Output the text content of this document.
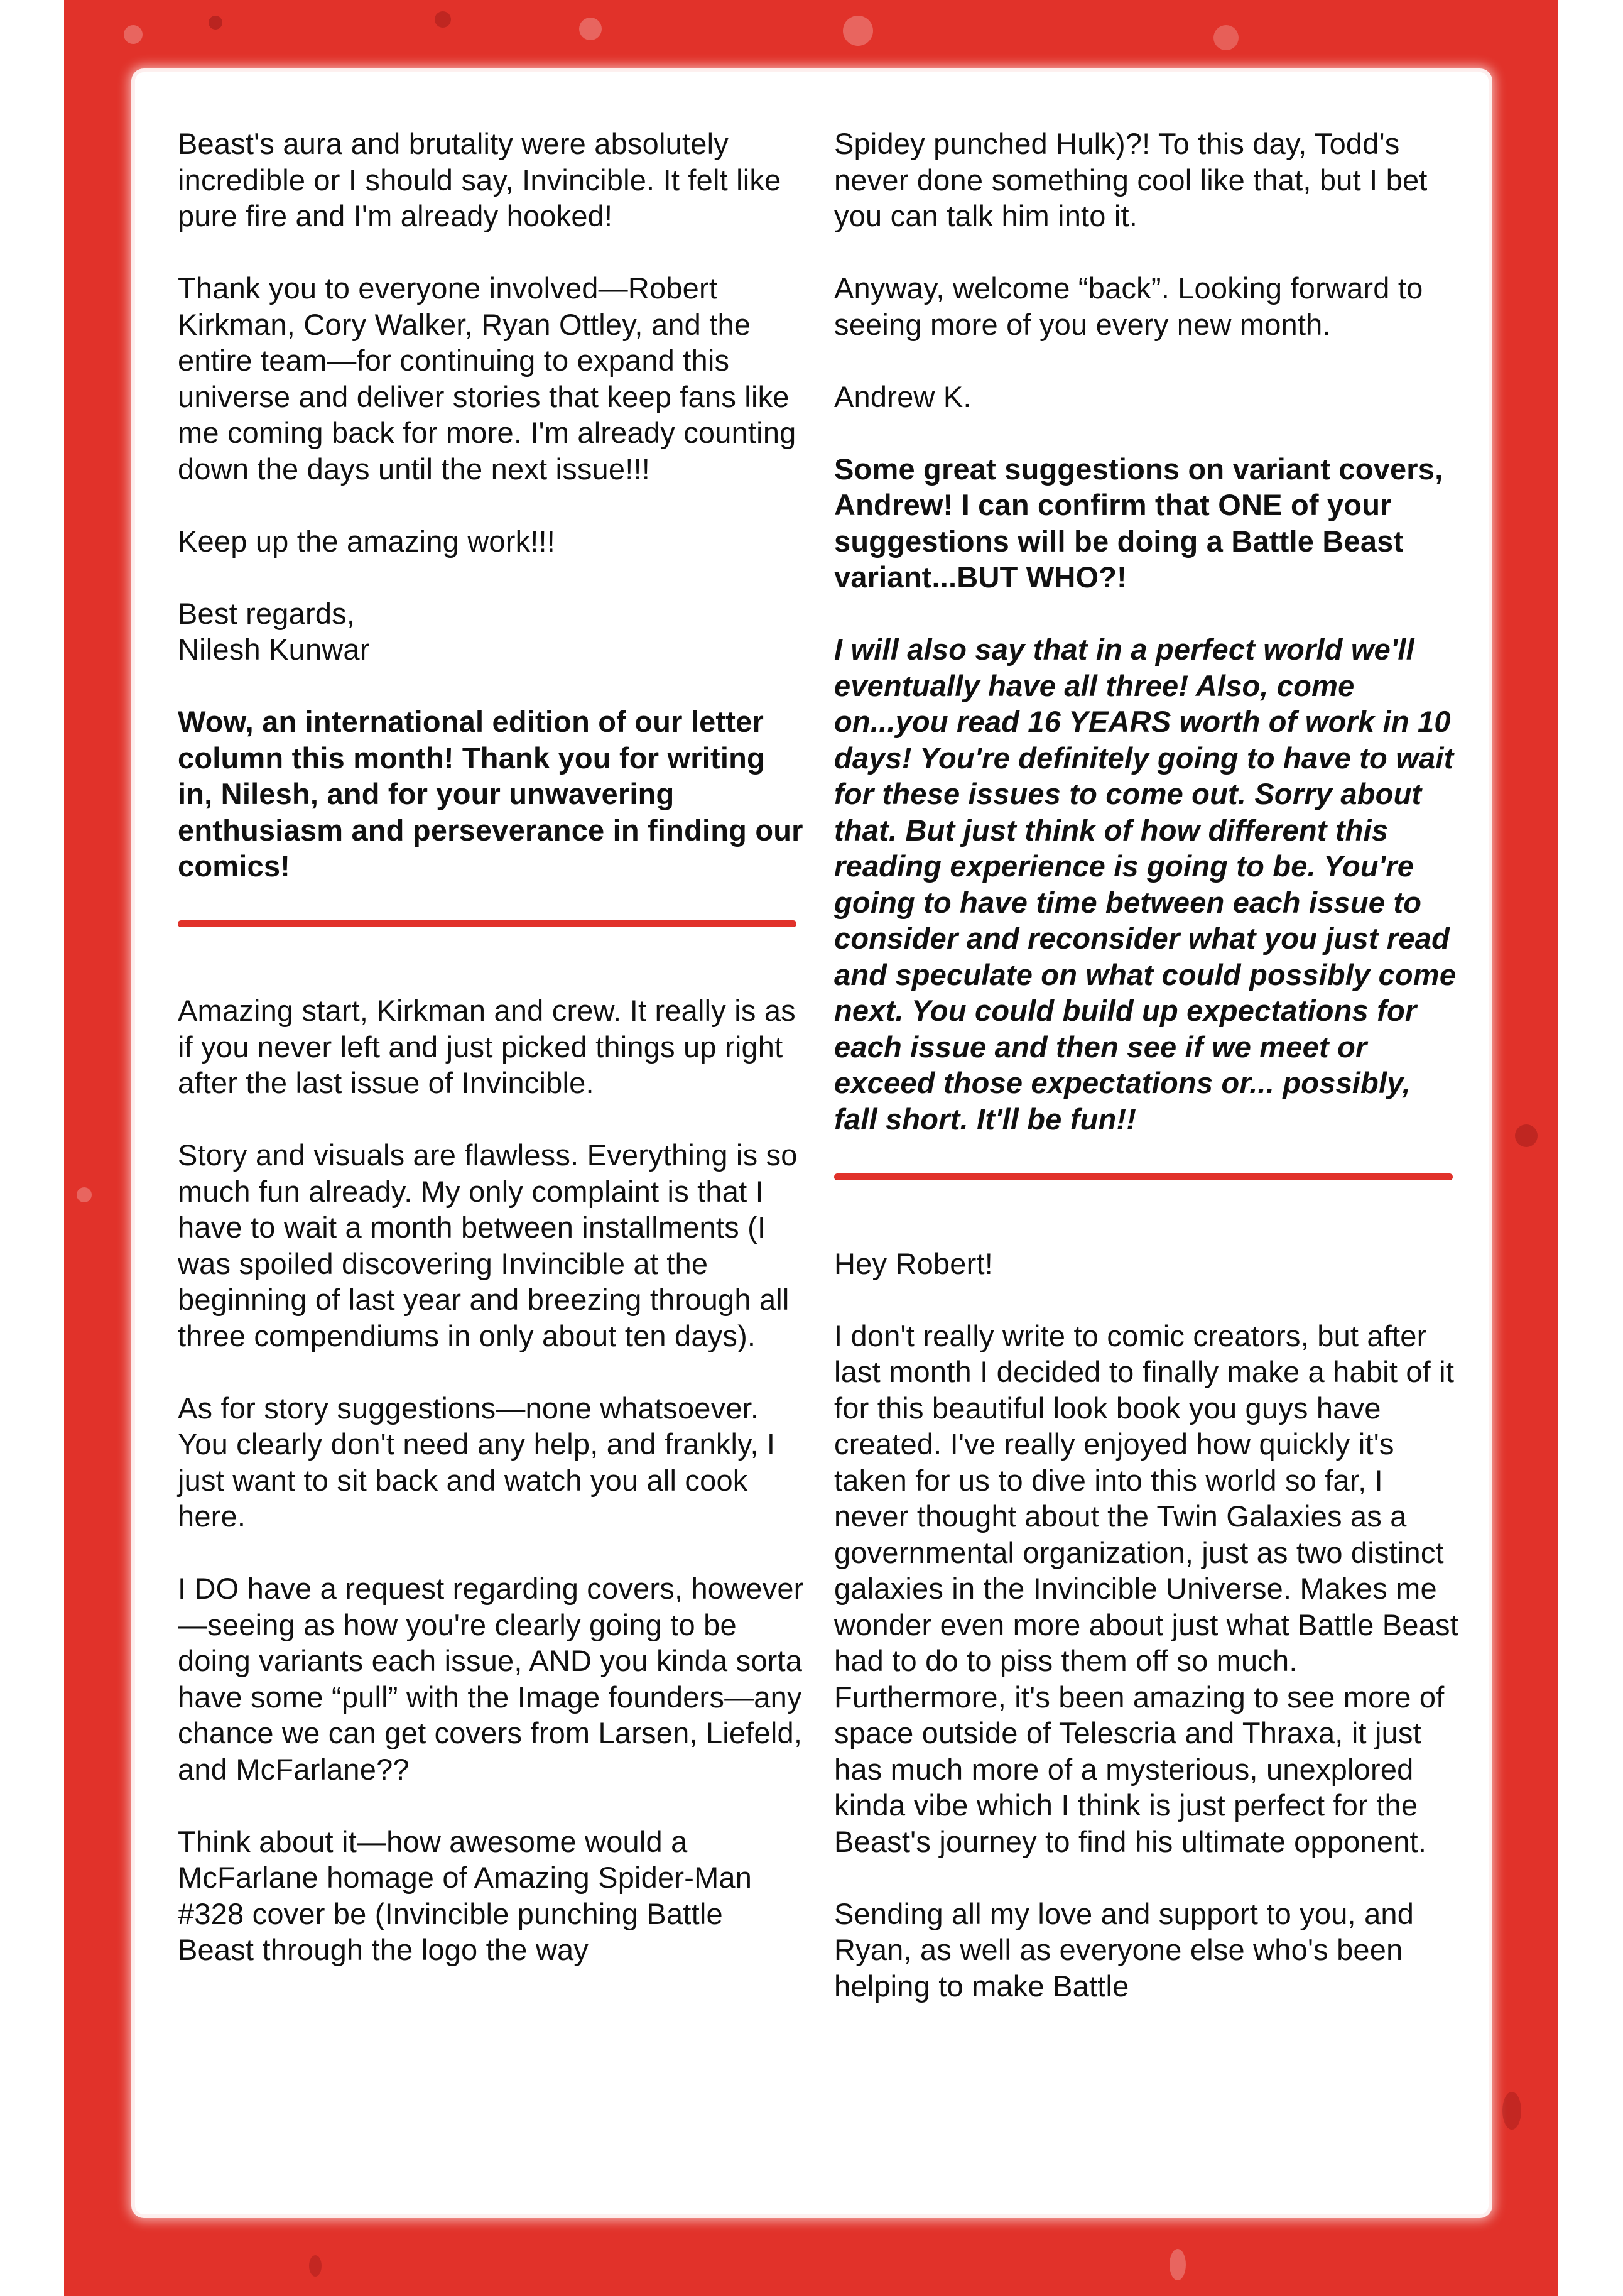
Beast's aura and brutality were absolutely incredible or I should say, Invincible. It felt like pure fire and I'm already hooked!

Thank you to everyone involved—Robert Kirkman, Cory Walker, Ryan Ottley, and the entire team—for continuing to expand this universe and deliver stories that keep fans like me coming back for more. I'm already counting down the days until the next issue!!!

Keep up the amazing work!!!

Best regards,

Nilesh Kunwar

Wow, an international edition of our letter column this month! Thank you for writing in, Nilesh, and for your unwavering enthusiasm and perseverance in finding our comics!

Amazing start, Kirkman and crew. It really is as if you never left and just picked things up right after the last issue of Invincible.

Story and visuals are flawless. Everything is so much fun already. My only complaint is that I have to wait a month between installments (I was spoiled discovering Invincible at the beginning of last year and breezing through all three compendiums in only about ten days).

As for story suggestions—none whatsoever. You clearly don't need any help, and frankly, I just want to sit back and watch you all cook here.

I DO have a request regarding covers, however—seeing as how you're clearly going to be doing variants each issue, AND you kinda sorta have some “pull” with the Image founders—any chance we can get covers from Larsen, Liefeld, and McFarlane??

Think about it—how awesome would a McFarlane homage of Amazing Spider-Man #328 cover be (Invincible punching Battle Beast through the logo the way

Spidey punched Hulk)?! To this day, Todd's never done something cool like that, but I bet you can talk him into it.

Anyway, welcome “back”. Looking forward to seeing more of you every new month.

Andrew K.

Some great suggestions on variant covers, Andrew! I can confirm that ONE of your suggestions will be doing a Battle Beast variant...BUT WHO?!

I will also say that in a perfect world we'll eventually have all three! Also, come on...you read 16 YEARS worth of work in 10 days! You're definitely going to have to wait for these issues to come out. Sorry about that. But just think of how different this reading experience is going to be. You're going to have time between each issue to consider and reconsider what you just read and speculate on what could possibly come next. You could build up expectations for each issue and then see if we meet or exceed those expectations or... possibly, fall short. It'll be fun!!

Hey Robert!

I don't really write to comic creators, but after last month I decided to finally make a habit of it for this beautiful look book you guys have created. I've really enjoyed how quickly it's taken for us to dive into this world so far, I never thought about the Twin Galaxies as a governmental organization, just as two distinct galaxies in the Invincible Universe. Makes me wonder even more about just what Battle Beast had to do to piss them off so much. Furthermore, it's been amazing to see more of space outside of Telescria and Thraxa, it just has much more of a mysterious, unexplored kinda vibe which I think is just perfect for the Beast's journey to find his ultimate opponent.

Sending all my love and support to you, and Ryan, as well as everyone else who's been helping to make Battle
